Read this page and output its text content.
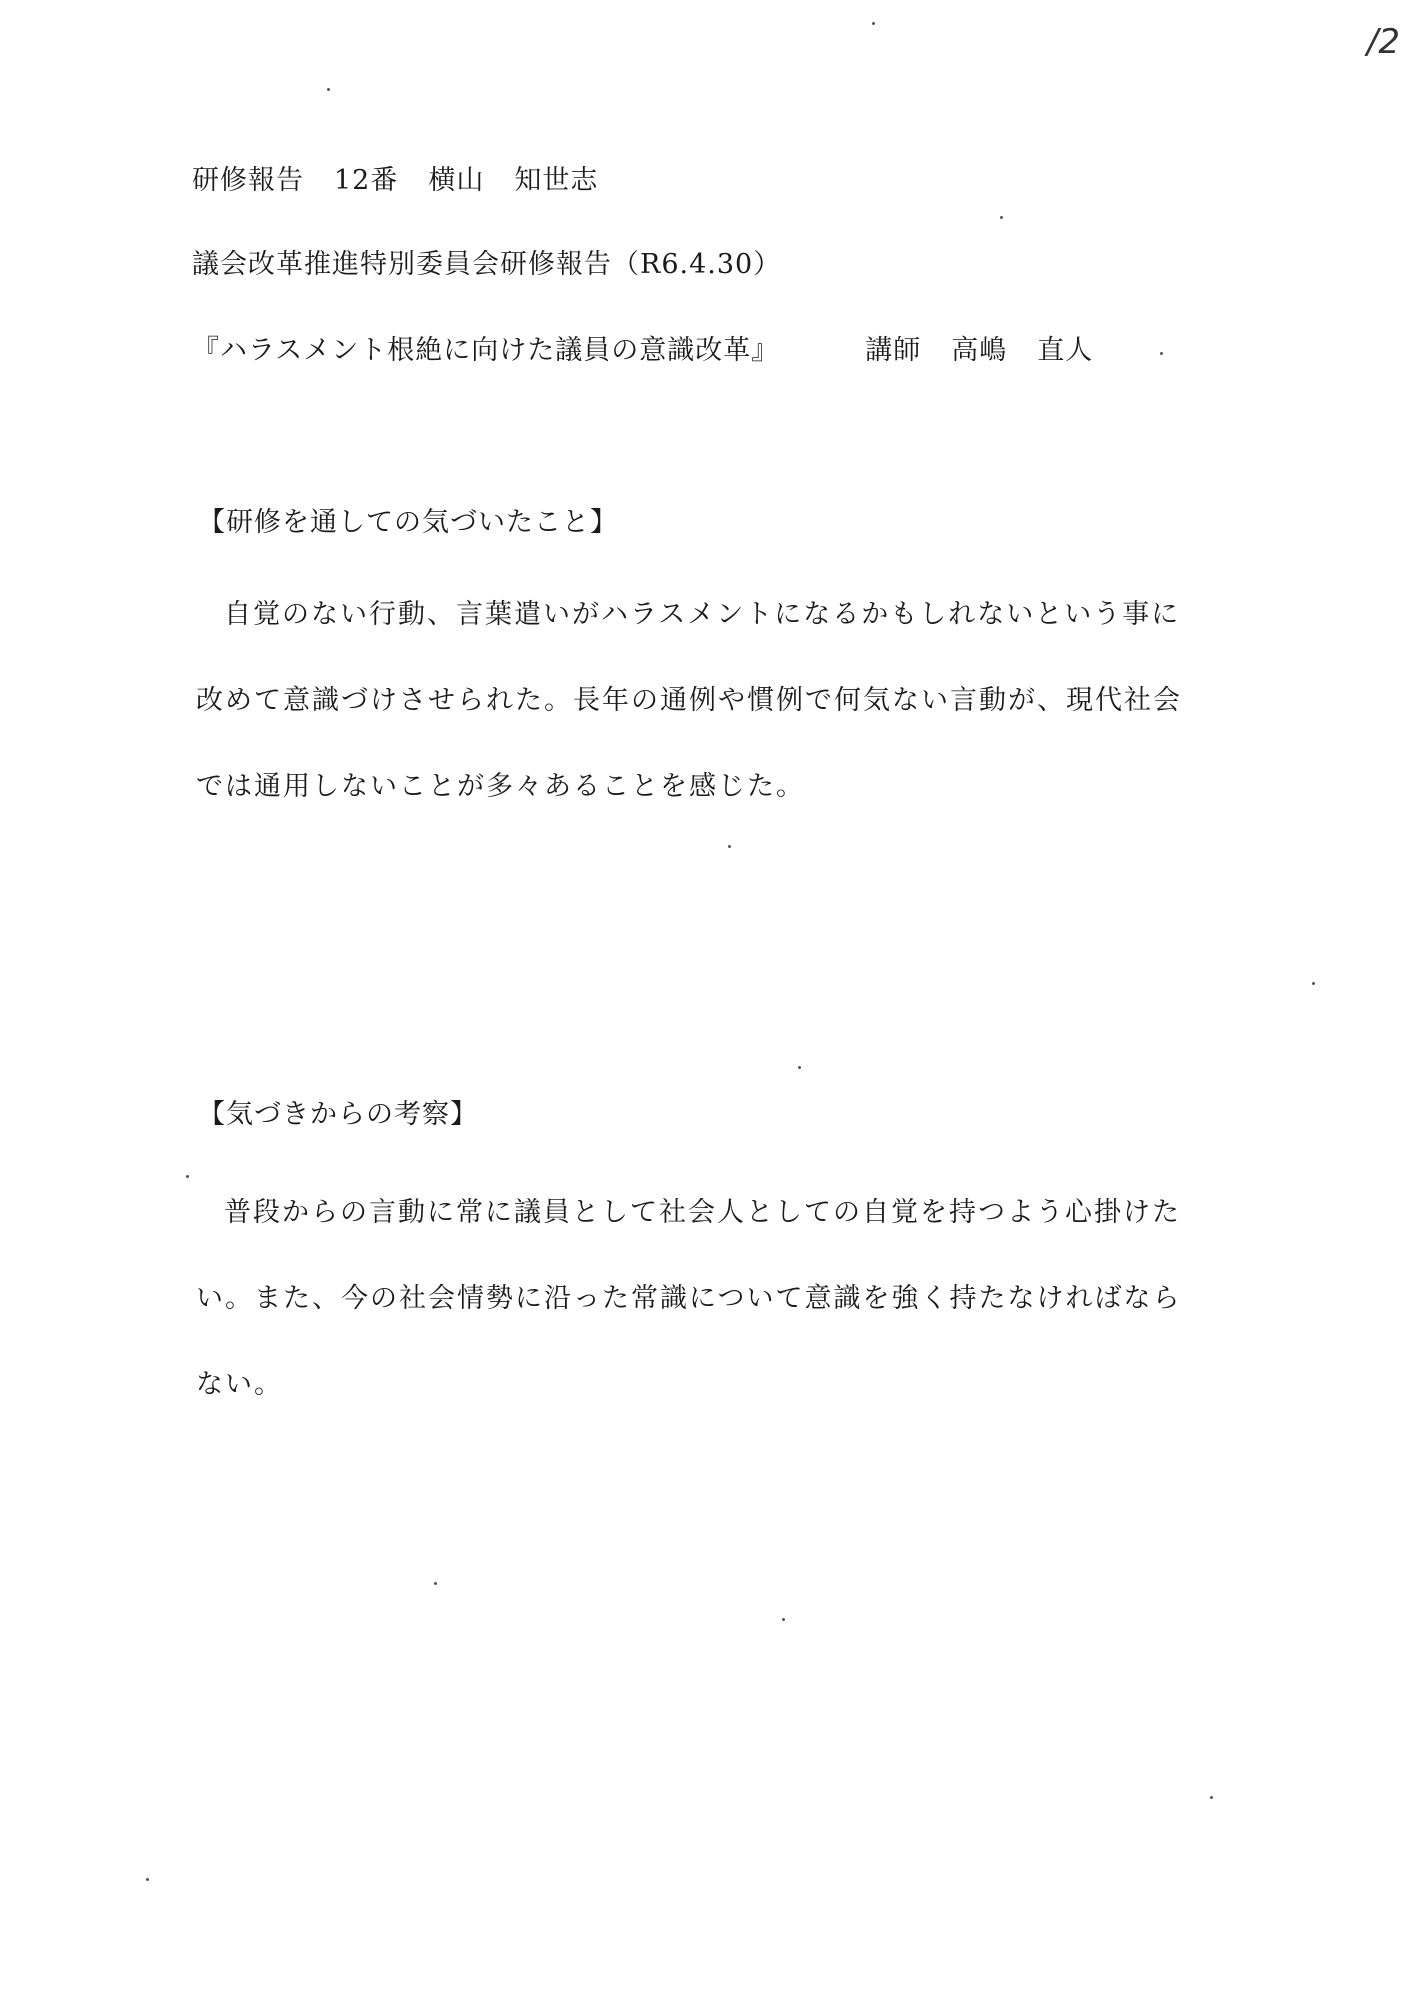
/2
研修報告 12番 横山 知世志
議会改革推進特別委員会研修報告（R6.4.30）
『ハラスメント根絶に向けた議員の意識改革』	講師 高嶋 直人
【研修を通しての気づいたこと】
自覚のない行動、言葉遣いがハラスメントになるかもしれないという事に改めて意識づけさせられた。長年の通例や慣例で何気ない言動が、現代社会では通用しないことが多々あることを感じた。
【気づきからの考察】
普段からの言動に常に議員として社会人としての自覚を持つよう心掛けたい。また、今の社会情勢に沿った常識について意識を強く持たなければならない。
